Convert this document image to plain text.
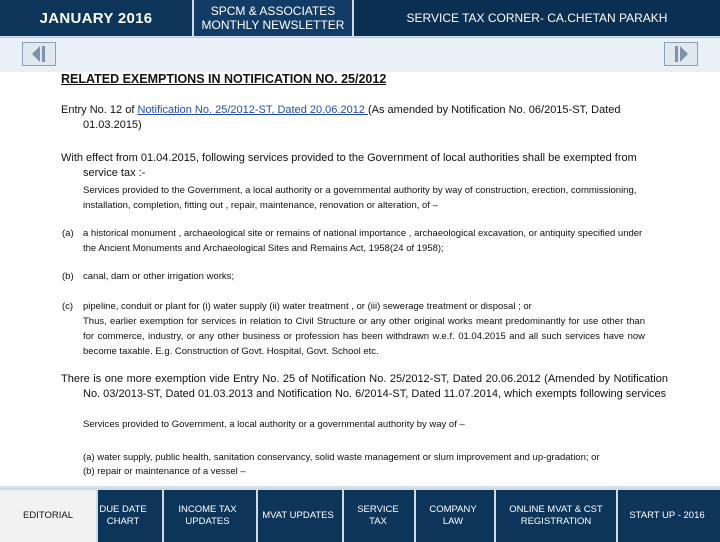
JANUARY 2016	SPCM & ASSOCIATES MONTHLY NEWSLETTER	SERVICE TAX CORNER- CA.CHETAN PARAKH
RELATED EXEMPTIONS IN NOTIFICATION NO. 25/2012
Entry No. 12 of Notification No. 25/2012-ST, Dated 20.06.2012 (As amended by Notification No. 06/2015-ST, Dated 01.03.2015)
With effect from 01.04.2015, following services provided to the Government of local authorities shall be exempted from service tax :-
Services provided to the Government, a local authority or a governmental authority by way of construction, erection, commissioning, installation, completion, fitting out , repair, maintenance, renovation or alteration, of –
(a) a historical monument , archaeological site or remains of national importance , archaeological excavation, or antiquity specified under the Ancient Monuments and Archaeological Sites and Remains Act, 1958(24 of 1958);
(b) canal, dam or other irrigation works;
(c) pipeline, conduit or plant for (i) water supply (ii) water treatment , or (iii) sewerage treatment or disposal ; or
Thus, earlier exemption for services in relation to Civil Structure or any other original works meant predominantly for use other than for commerce, industry, or any other business or profession has been withdrawn w.e.f. 01.04.2015 and all such services have now become taxable. E.g. Construction of Govt. Hospital, Govt. School etc.
There is one more exemption vide Entry No. 25 of Notification No. 25/2012-ST, Dated 20.06.2012 (Amended by Notification No. 03/2013-ST, Dated 01.03.2013 and Notification No. 6/2014-ST, Dated 11.07.2014, which exempts following services
Services provided to Government, a local authority or a governmental authority by way of –
(a) water supply, public health, sanitation conservancy, solid waste management or slum improvement and up-gradation; or
(b) repair or maintenance of a vessel –
EDITORIAL
DUE DATE CHART
INCOME TAX UPDATES
MVAT UPDATES
SERVICE TAX
COMPANY LAW
ONLINE MVAT & CST REGISTRATION
START UP - 2016
